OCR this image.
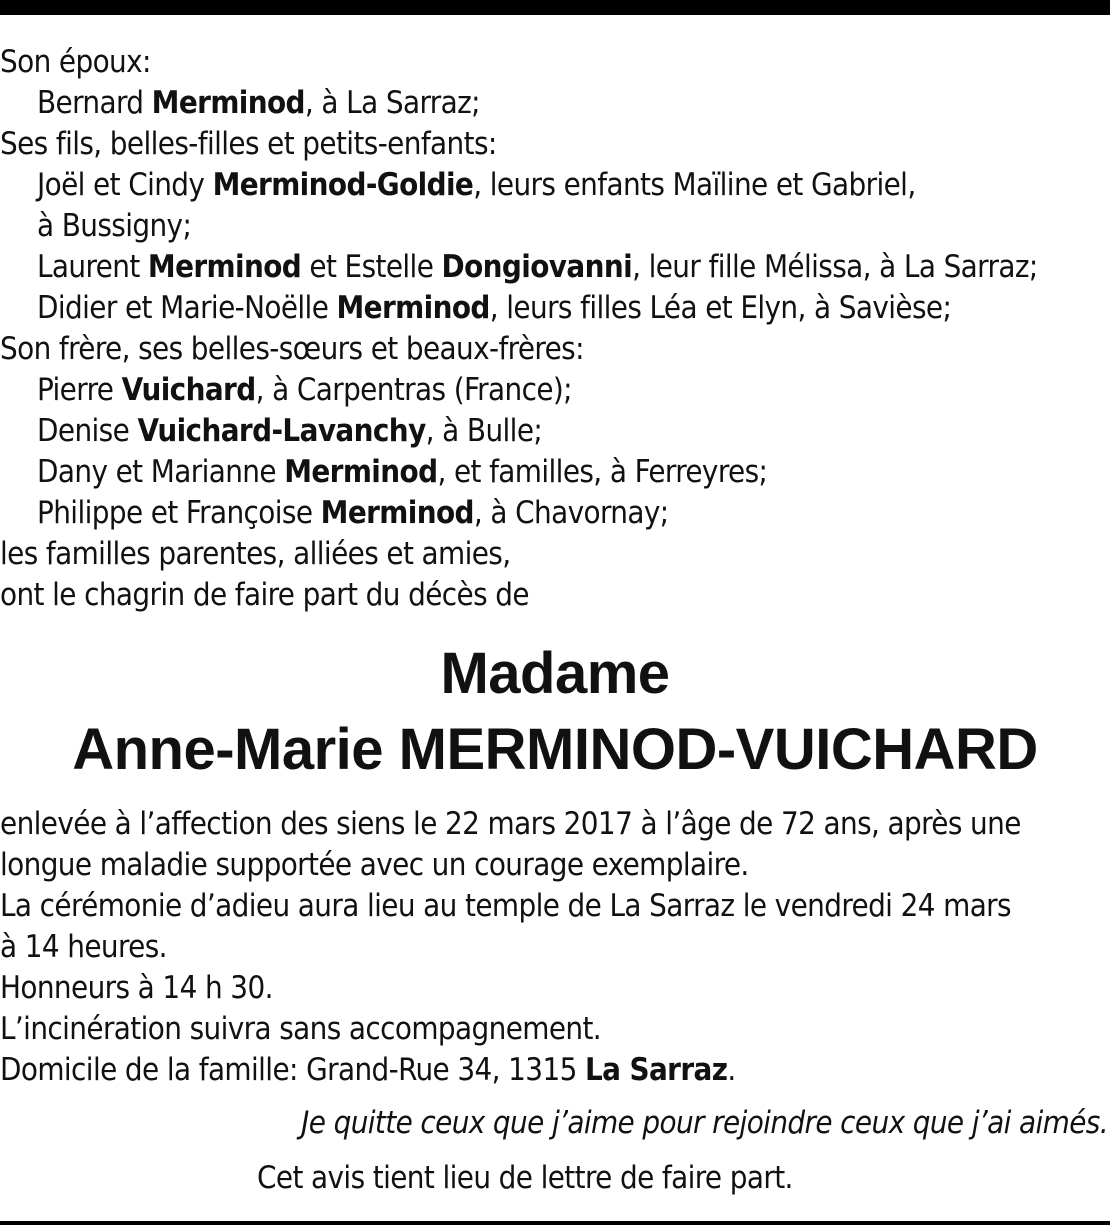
Son époux:
Bernard Merminod, à La Sarraz;
Ses fils, belles-filles et petits-enfants:
Joël et Cindy Merminod-Goldie, leurs enfants Maïline et Gabriel,
à Bussigny;
Laurent Merminod et Estelle Dongiovanni, leur fille Mélissa, à La Sarraz;
Didier et Marie-Noëlle Merminod, leurs filles Léa et Elyn, à Savièse;
Son frère, ses belles-sœurs et beaux-frères:
Pierre Vuichard, à Carpentras (France);
Denise Vuichard-Lavanchy, à Bulle;
Dany et Marianne Merminod, et familles, à Ferreyres;
Philippe et Françoise Merminod, à Chavornay;
les familles parentes, alliées et amies,
ont le chagrin de faire part du décès de
Madame
Anne-Marie MERMINOD-VUICHARD
enlevée à l’affection des siens le 22 mars 2017 à l’âge de 72 ans, après une
longue maladie supportée avec un courage exemplaire.
La cérémonie d’adieu aura lieu au temple de La Sarraz le vendredi 24 mars
à 14 heures.
Honneurs à 14 h 30.
L’incinération suivra sans accompagnement.
Domicile de la famille: Grand-Rue 34, 1315 La Sarraz.
Je quitte ceux que j’aime pour rejoindre ceux que j’ai aimés.
Cet avis tient lieu de lettre de faire part.
